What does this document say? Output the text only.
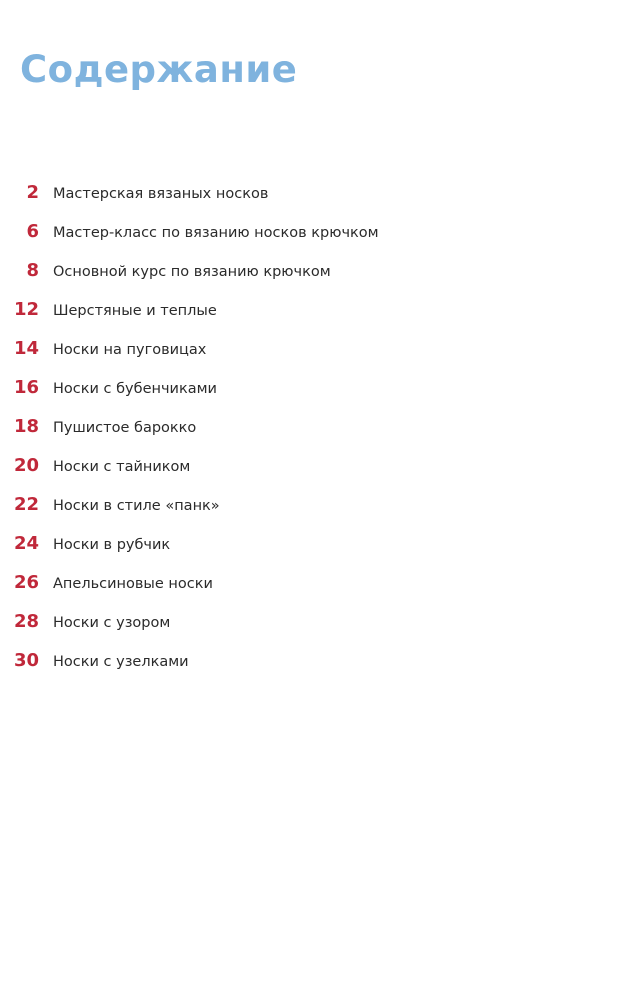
Содержание
2 Мастерская вязаных носков
6 Мастер-класс по вязанию носков крючком
8 Основной курс по вязанию крючком
12 Шерстяные и теплые
14 Носки на пуговицах
16 Носки с бубенчиками
18 Пушистое барокко
20 Носки с тайником
22 Носки в стиле «панк»
24 Носки в рубчик
26 Апельсиновые носки
28 Носки с узором
30 Носки с узелками
